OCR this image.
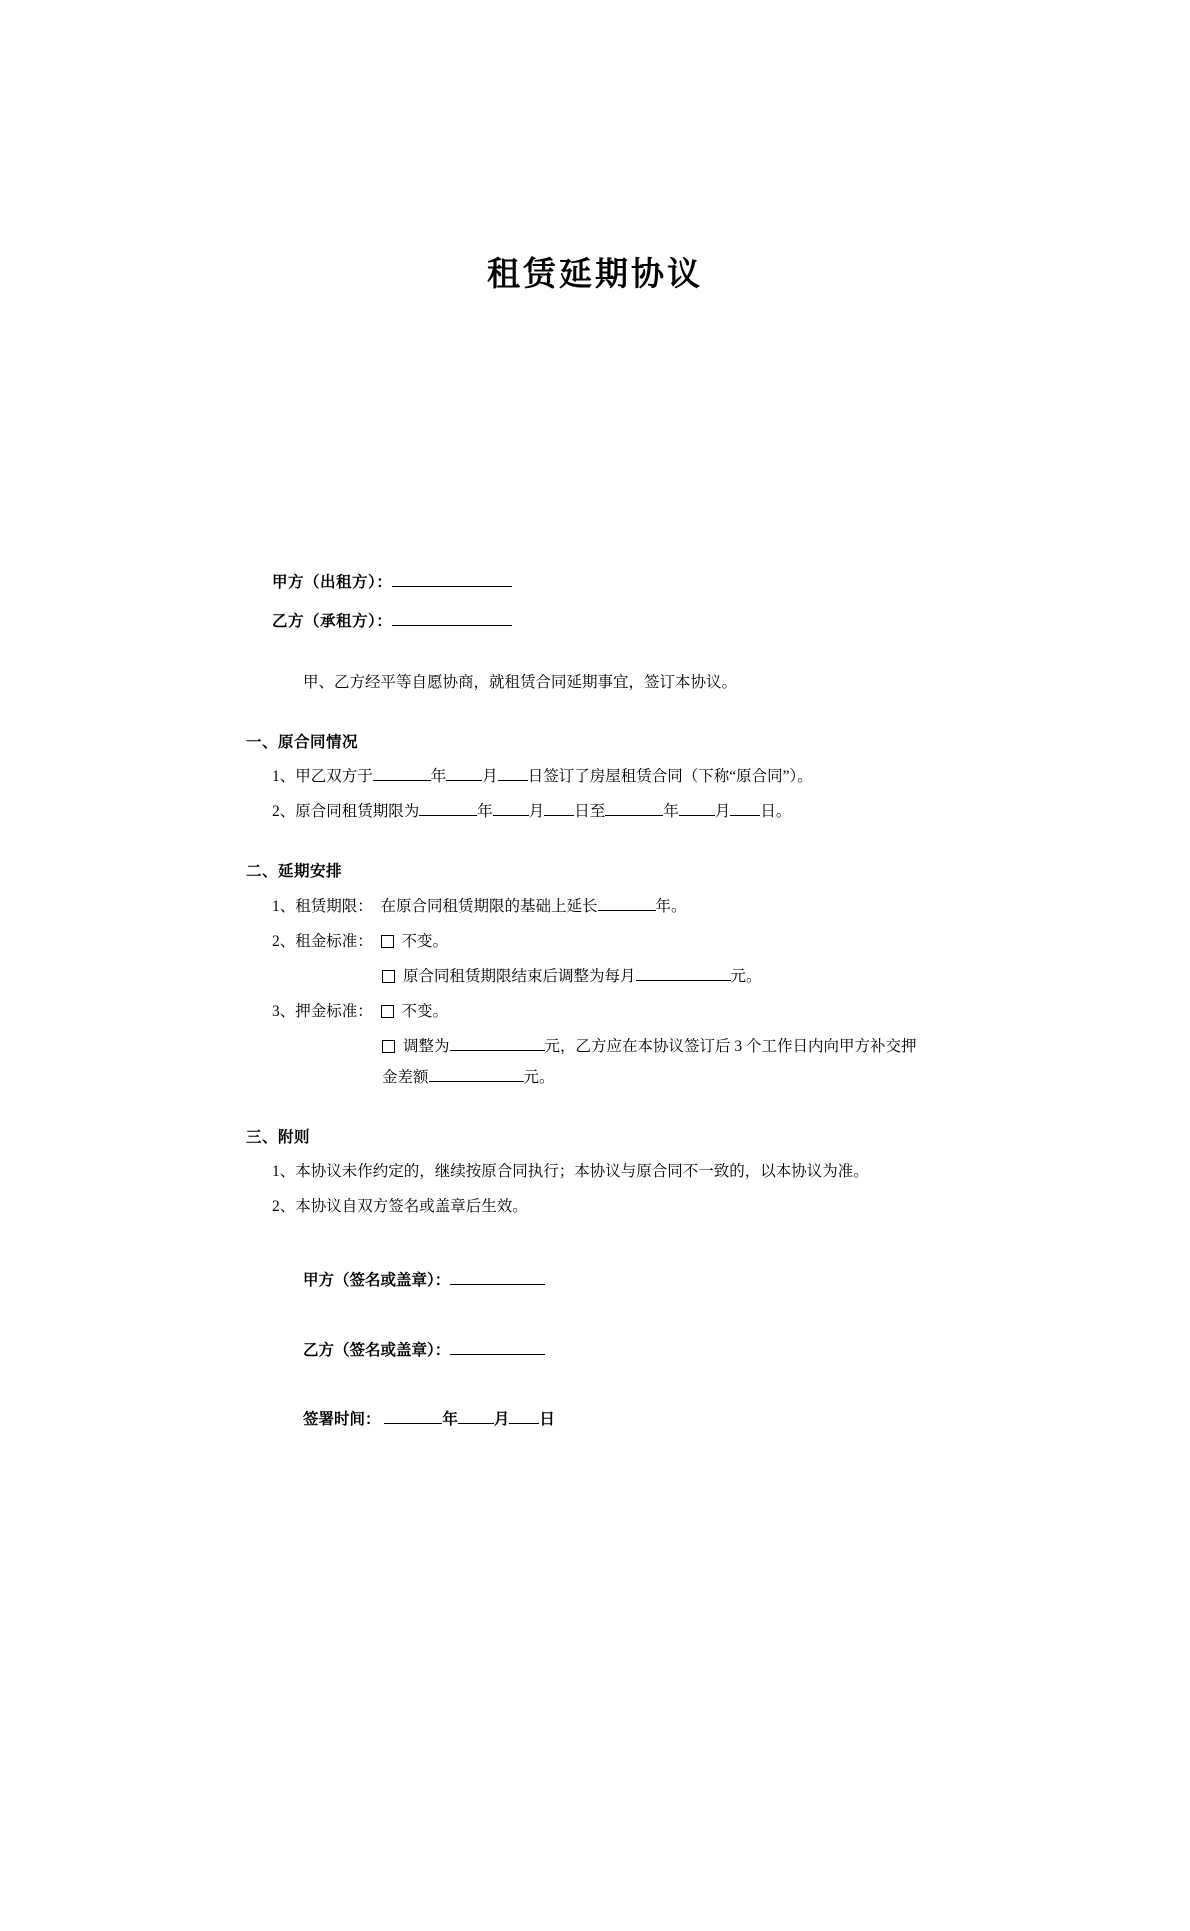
租赁延期协议

甲方（出租方）：

乙方（承租方）：

甲、乙方经平等自愿协商，就租赁合同延期事宜，签订本协议。

一、原合同情况

1、甲乙双方于	年 月 日签订了房屋租赁合同（下称“原合同”）。

2、原合同租赁期限为	年 月 日至	年 月 日。

二、延期安排

1、租赁期限： 在原合同租赁期限的基础上延长	年。

2、租金标准： 不变。

原合同租赁期限结束后调整为每月	元。

3、押金标准： 不变。

调整为	元，乙方应在本协议签订后 3 个工作日内向甲方补交押金差额	元。

三、附则

1、本协议未作约定的，继续按原合同执行；本协议与原合同不一致的，以本协议为准。

2、本协议自双方签名或盖章后生效。

甲方（签名或盖章）：

乙方（签名或盖章）：

签署时间：	年 月 日
